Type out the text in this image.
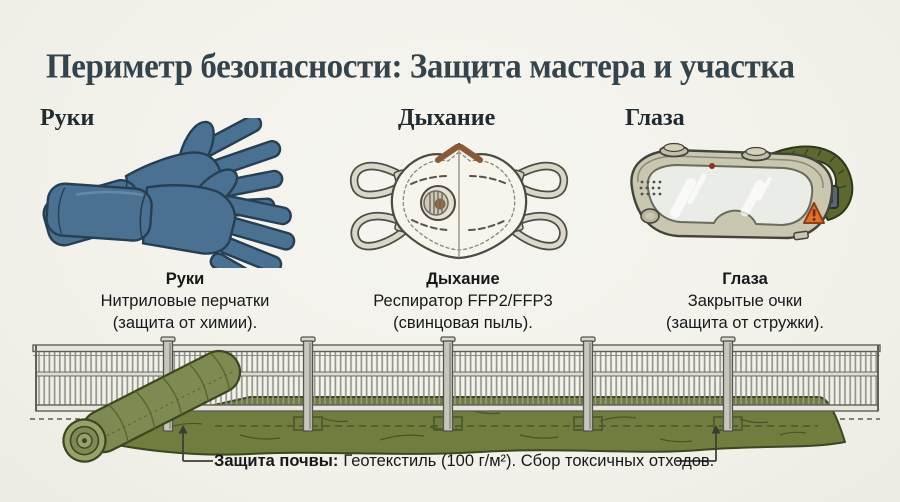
Периметр безопасности: Защита мастера и участка
Руки	Дыхание	Глаза
Руки
Нитриловые перчатки
(защита от химии).
Дыхание
Респиратор FFP2/FFP3
(свинцовая пыль).
Глаза
Закрытые очки
(защита от стружки).
Защита почвы: Геотекстиль (100 г/м²). Сбор токсичных отходов.
